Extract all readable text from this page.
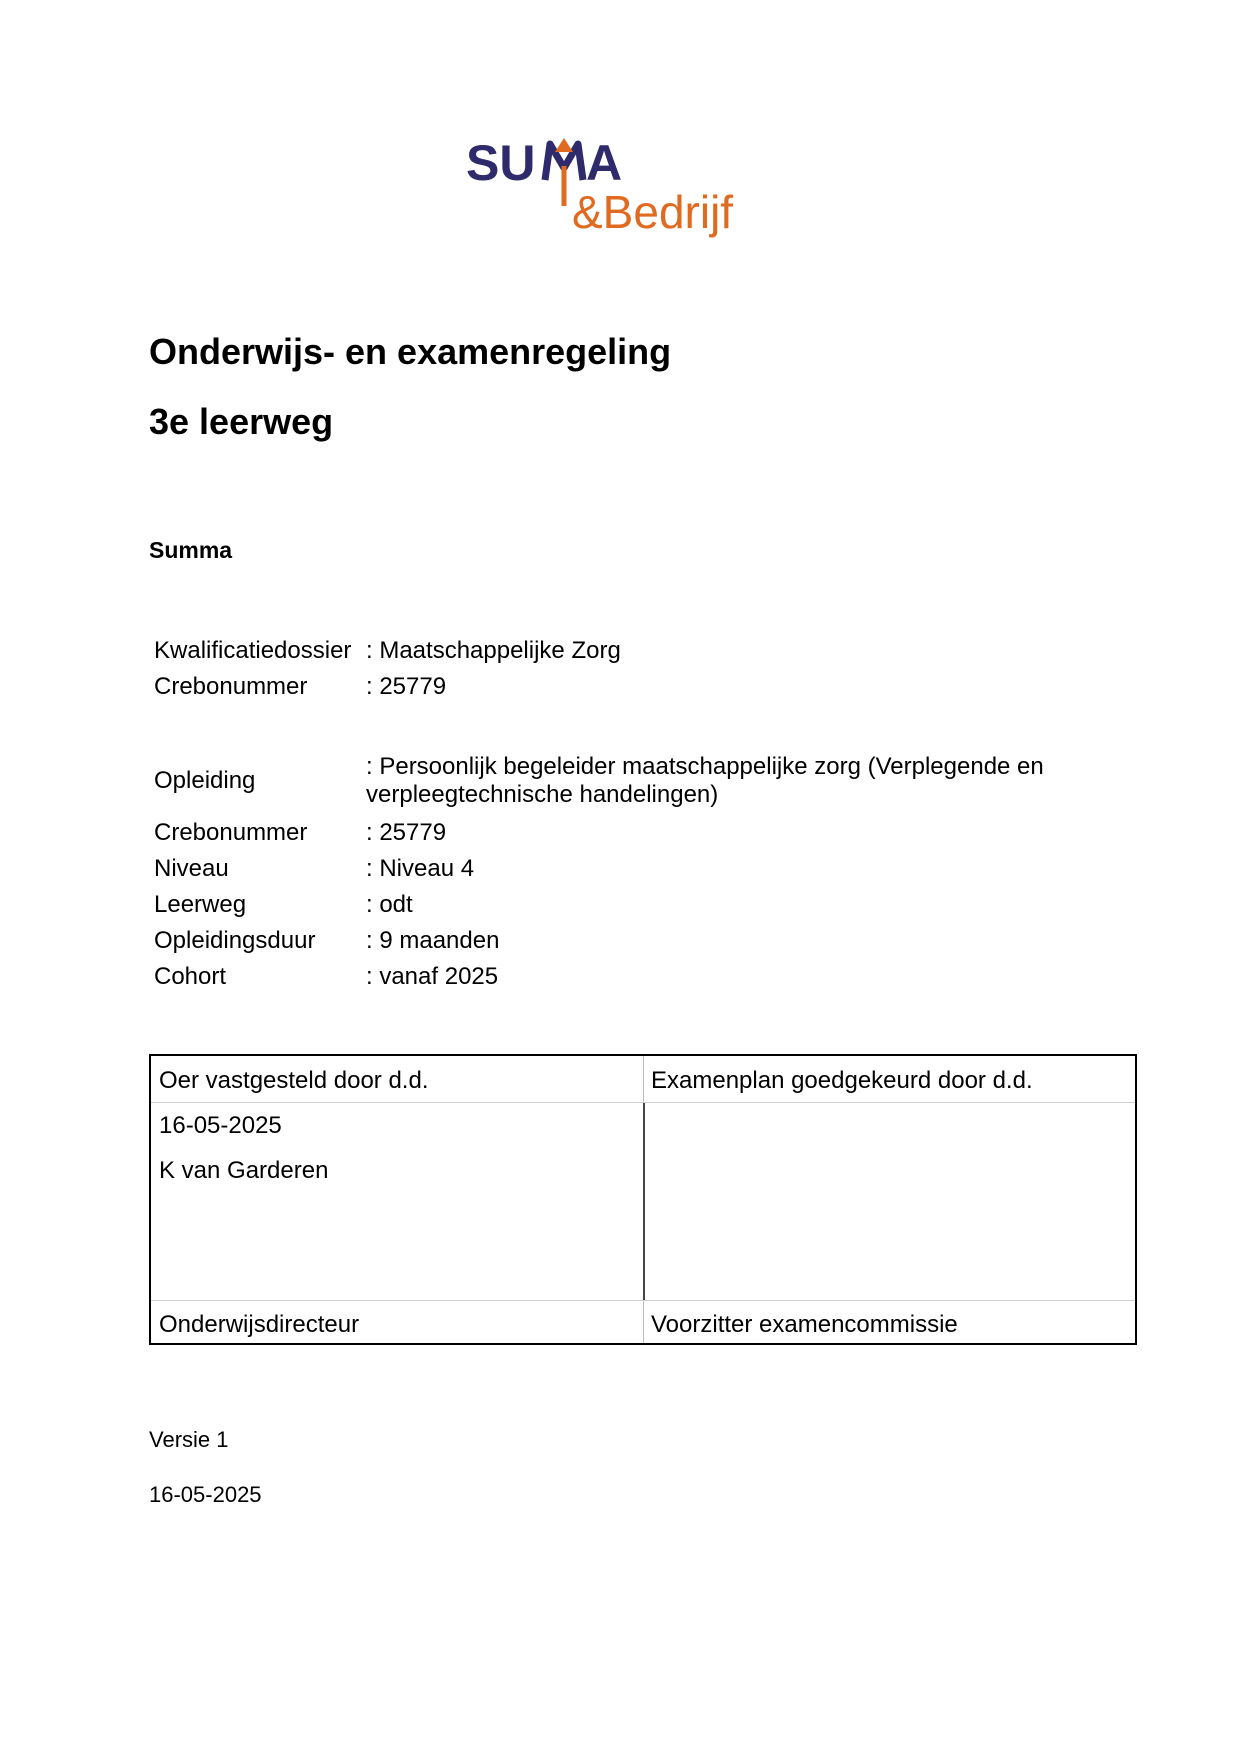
SU A
&Bedrijf
Onderwijs- en examenregeling
3e leerweg
Summa
Kwalificatiedossier : Maatschappelijke Zorg
Crebonummer : 25779
Opleiding
: Persoonlijk begeleider maatschappelijke zorg (Verplegende en verpleegtechnische handelingen)
Crebonummer : 25779
Niveau	: Niveau 4
Leerweg	: odt
Opleidingsduur : 9 maanden
Cohort	: vanaf 2025
Oer vastgesteld door d.d.	Examenplan goedgekeurd door d.d.
16-05-2025
K van Garderen
Onderwijsdirecteur	Voorzitter examencommissie
Versie 1
16-05-2025
